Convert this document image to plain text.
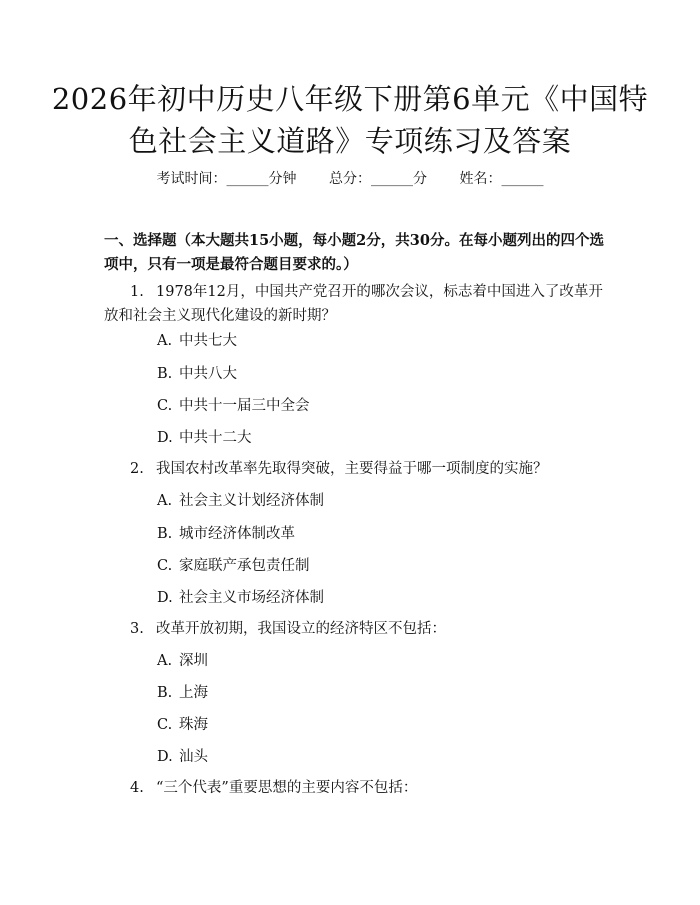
2026年初中历史八年级下册第6单元《中国特色社会主义道路》专项练习及答案
考试时间：______分钟 总分：______分 姓名：______

一、选择题（本大题共15小题，每小题2分，共30分。在每小题列出的四个选项中，只有一项是最符合题目要求的。）

1. 1978年12月，中国共产党召开的哪次会议，标志着中国进入了改革开放和社会主义现代化建设的新时期？
A. 中共七大
B. 中共八大
C. 中共十一届三中全会
D. 中共十二大
2. 我国农村改革率先取得突破，主要得益于哪一项制度的实施？
A. 社会主义计划经济体制
B. 城市经济体制改革
C. 家庭联产承包责任制
D. 社会主义市场经济体制
3. 改革开放初期，我国设立的经济特区不包括：
A. 深圳
B. 上海
C. 珠海
D. 汕头
4. “三个代表”重要思想的主要内容不包括：
